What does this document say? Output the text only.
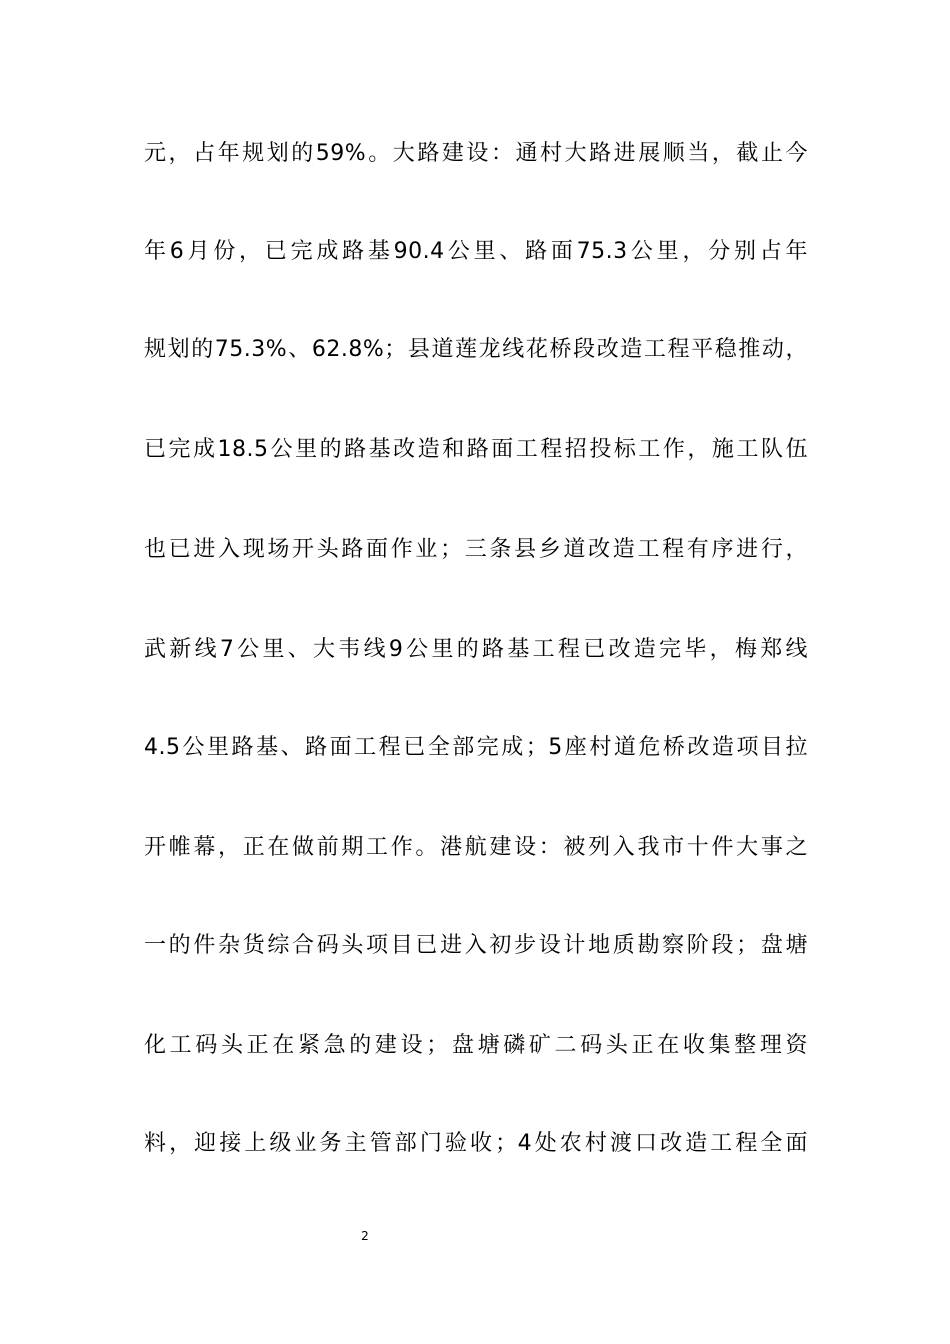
元，占年规划的59%。大路建设：通村大路进展顺当，截止今
年6月份，已完成路基90.4公里、路面75.3公里，分别占年
规划的75.3%、62.8%；县道莲龙线花桥段改造工程平稳推动，
已完成18.5公里的路基改造和路面工程招投标工作，施工队伍
也已进入现场开头路面作业；三条县乡道改造工程有序进行，
武新线7公里、大韦线9公里的路基工程已改造完毕，梅郑线
4.5公里路基、路面工程已全部完成；5座村道危桥改造项目拉
开帷幕，正在做前期工作。港航建设：被列入我市十件大事之
一的件杂货综合码头项目已进入初步设计地质勘察阶段；盘塘
化工码头正在紧急的建设；盘塘磷矿二码头正在收集整理资
料，迎接上级业务主管部门验收；4处农村渡口改造工程全面
2
